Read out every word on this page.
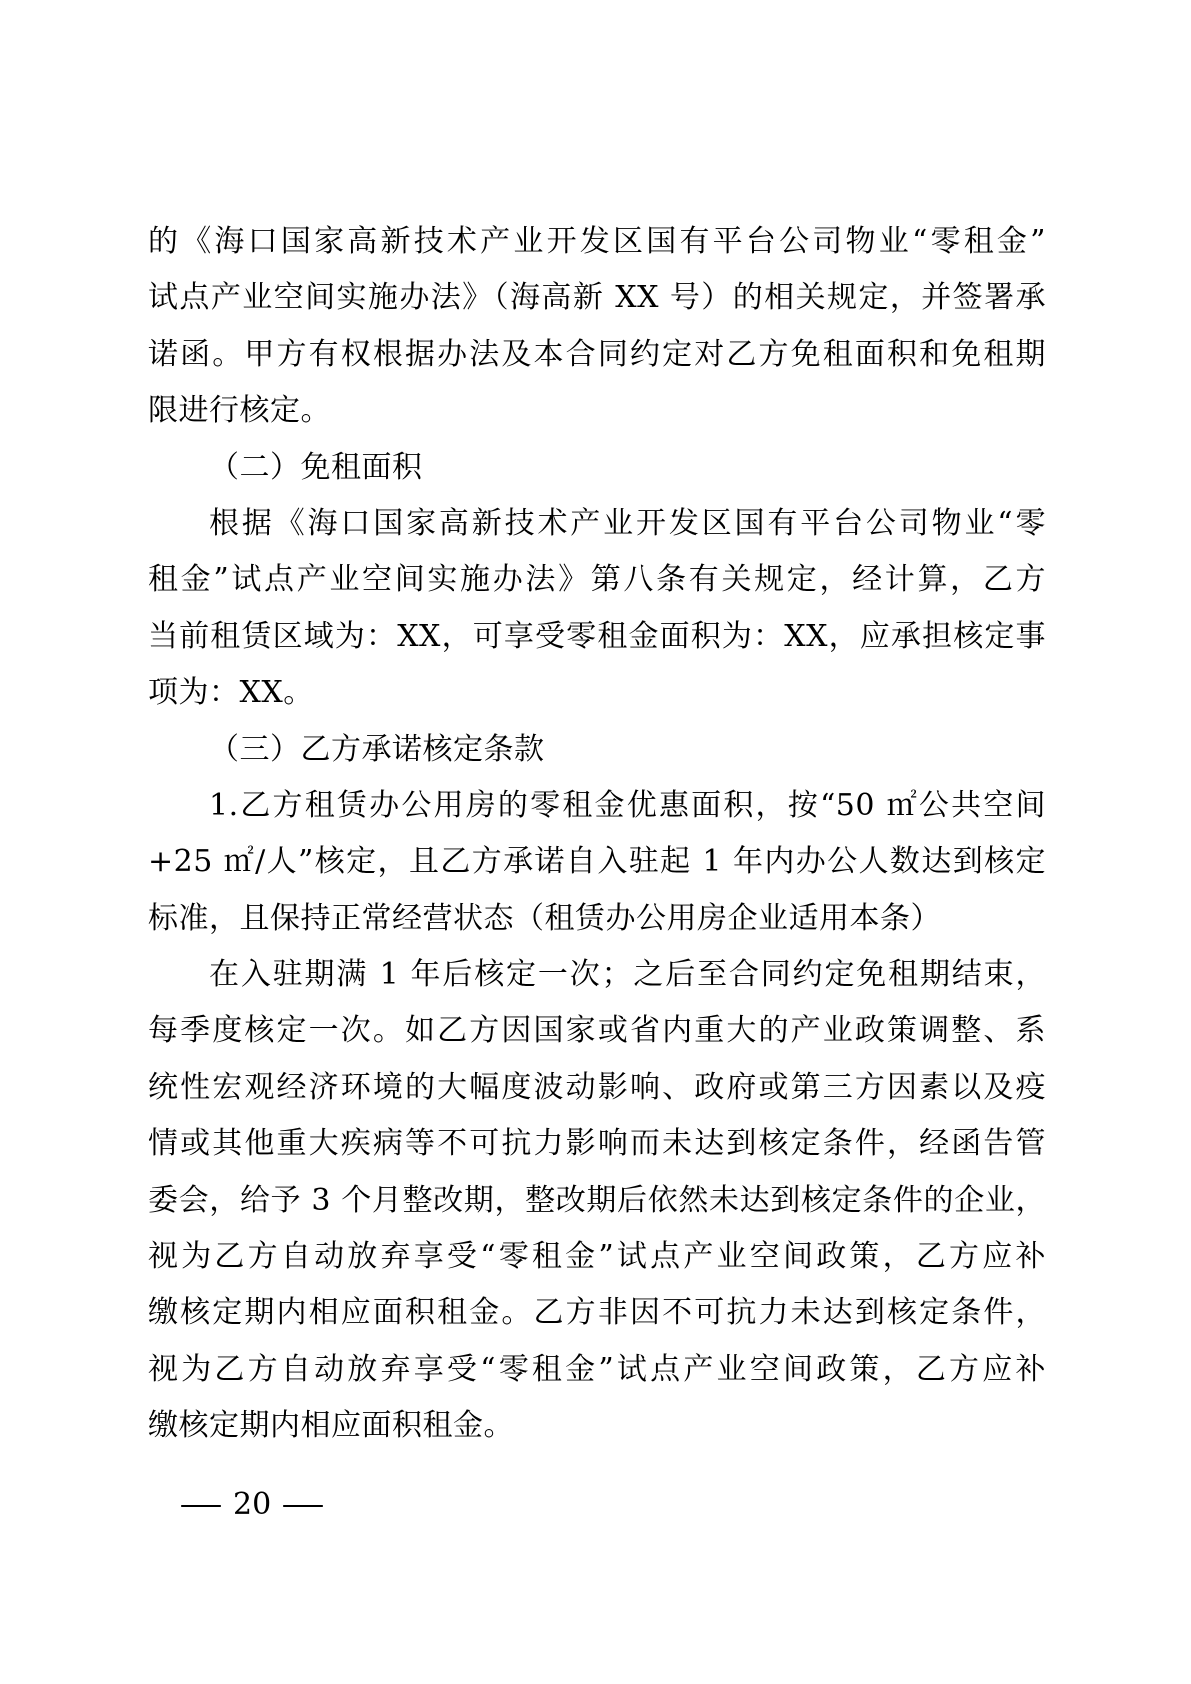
的《海口国家高新技术产业开发区国有平台公司物业“零租金”
试点产业空间实施办法》（海高新 XX 号）的相关规定，并签署承
诺函。甲方有权根据办法及本合同约定对乙方免租面积和免租期
限进行核定。
（二）免租面积
根据《海口国家高新技术产业开发区国有平台公司物业“零
租金”试点产业空间实施办法》第八条有关规定，经计算，乙方
当前租赁区域为：XX，可享受零租金面积为：XX，应承担核定事
项为：XX。
（三）乙方承诺核定条款
1.乙方租赁办公用房的零租金优惠面积，按“50 ㎡公共空间
+25 ㎡/人”核定，且乙方承诺自入驻起 1 年内办公人数达到核定
标准，且保持正常经营状态（租赁办公用房企业适用本条）
在入驻期满 1 年后核定一次；之后至合同约定免租期结束，
每季度核定一次。如乙方因国家或省内重大的产业政策调整、系
统性宏观经济环境的大幅度波动影响、政府或第三方因素以及疫
情或其他重大疾病等不可抗力影响而未达到核定条件，经函告管
委会，给予 3 个月整改期，整改期后依然未达到核定条件的企业，
视为乙方自动放弃享受“零租金”试点产业空间政策，乙方应补
缴核定期内相应面积租金。乙方非因不可抗力未达到核定条件，
视为乙方自动放弃享受“零租金”试点产业空间政策，乙方应补
缴核定期内相应面积租金。
— 20 —
